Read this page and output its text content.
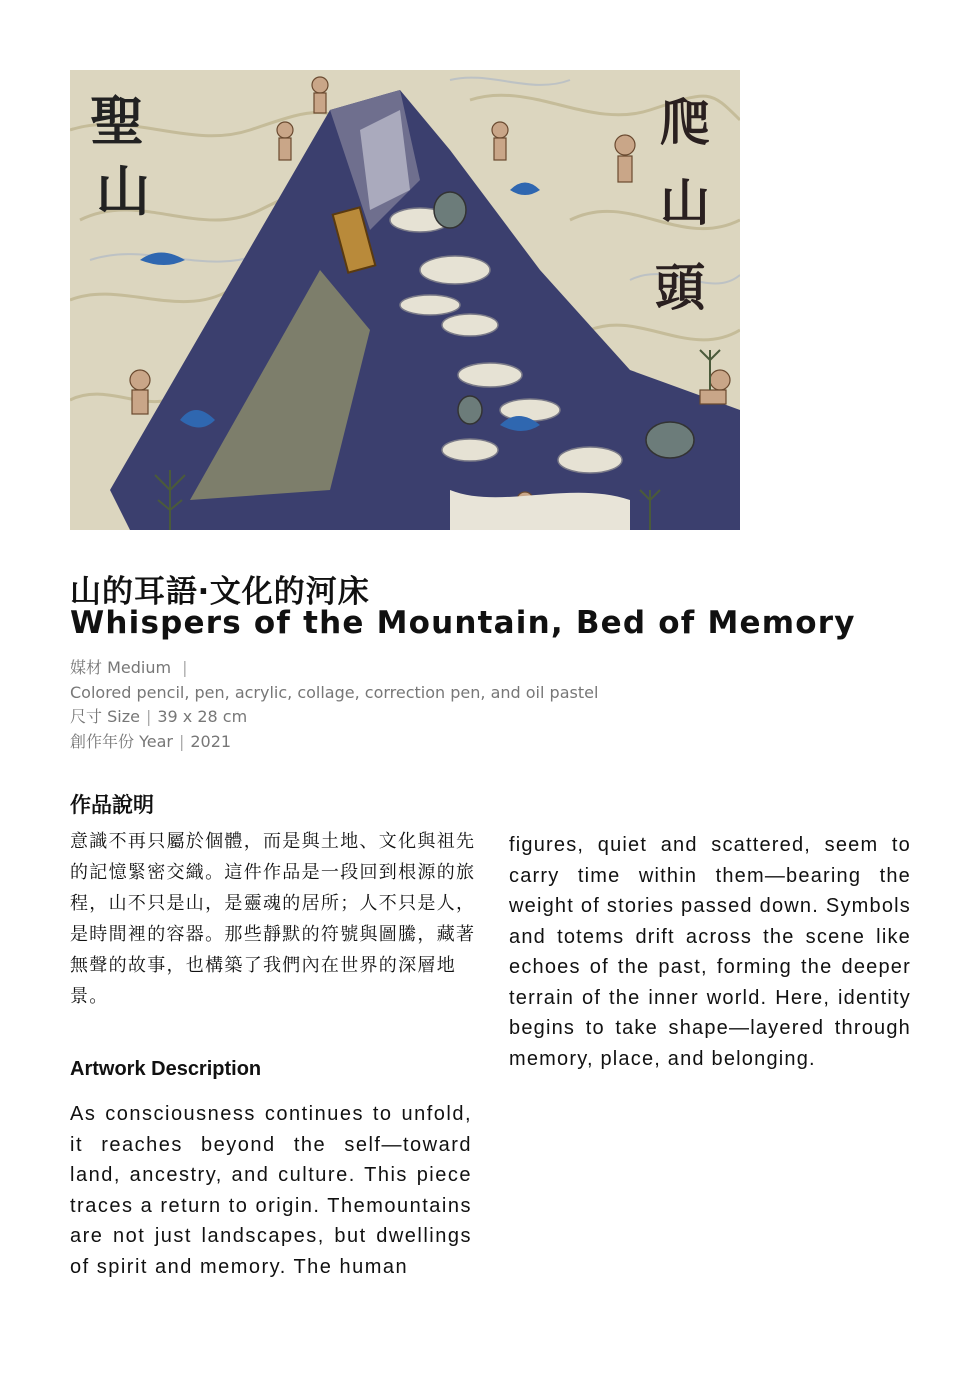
聖
山
爬
山
頭
山的耳語‧文化的河床
Whispers of the Mountain, Bed of Memory
媒材 Medium |
Colored pencil, pen, acrylic, collage, correction pen, and oil pastel
尺寸 Size | 39 x 28 cm
創作年份 Year | 2021
作品說明
意識不再只屬於個體，而是與土地、文化與祖先的記憶緊密交織。這件作品是一段回到根源的旅程，山不只是山，是靈魂的居所；人不只是人，是時間裡的容器。那些靜默的符號與圖騰，藏著無聲的故事，也構築了我們內在世界的深層地景。
Artwork Description
As consciousness continues to unfold, it reaches beyond the self—toward land, ancestry, and culture. This piece traces a return to origin. Themountains are not just landscapes, but dwellings of spirit and memory. The human
figures, quiet and scattered, seem to carry time within them—bearing the weight of stories passed down. Symbols and totems drift across the scene like echoes of the past, forming the deeper terrain of the inner world. Here, identity begins to take shape—layered through memory, place, and belonging.
